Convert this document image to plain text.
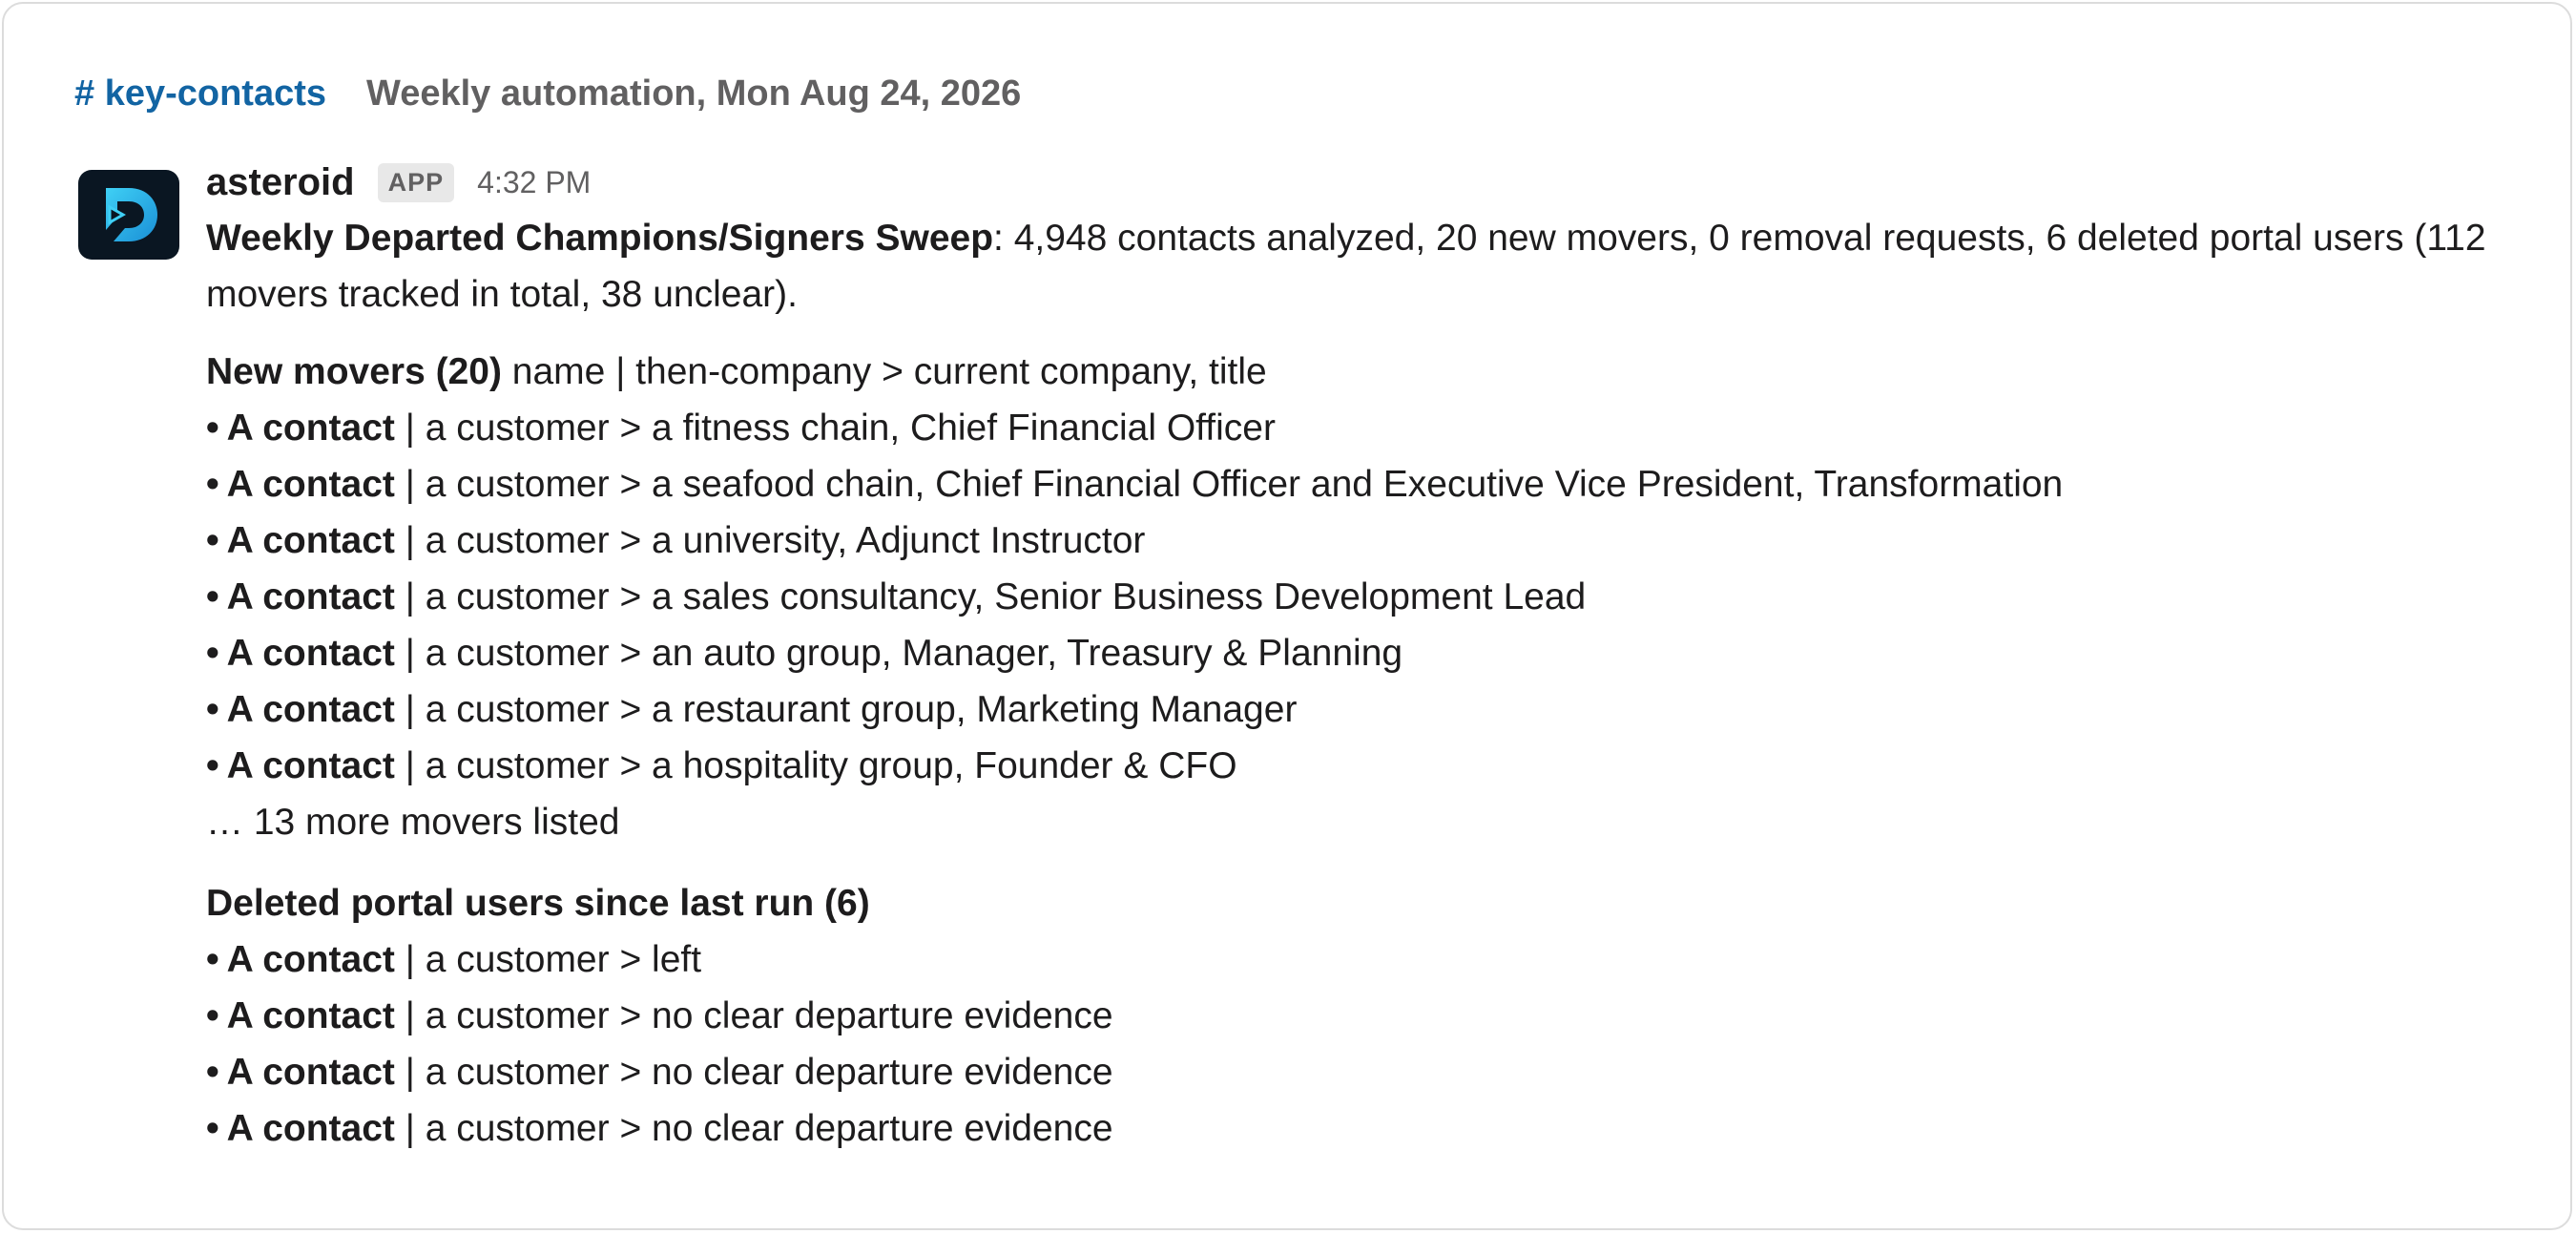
# key-contacts Weekly automation, Mon Aug 24, 2026
asteroid	APP	4:32 PM
Weekly Departed Champions/Signers Sweep: 4,948 contacts analyzed, 20 new movers, 0 removal requests, 6 deleted portal users (112
movers tracked in total, 38 unclear).
New movers (20) name | then-company > current company, title
• A contact | a customer > a fitness chain, Chief Financial Officer
• A contact | a customer > a seafood chain, Chief Financial Officer and Executive Vice President, Transformation
• A contact | a customer > a university, Adjunct Instructor
• A contact | a customer > a sales consultancy, Senior Business Development Lead
• A contact | a customer > an auto group, Manager, Treasury & Planning
• A contact | a customer > a restaurant group, Marketing Manager
• A contact | a customer > a hospitality group, Founder & CFO
… 13 more movers listed
Deleted portal users since last run (6)
• A contact | a customer > left
• A contact | a customer > no clear departure evidence
• A contact | a customer > no clear departure evidence
• A contact | a customer > no clear departure evidence
